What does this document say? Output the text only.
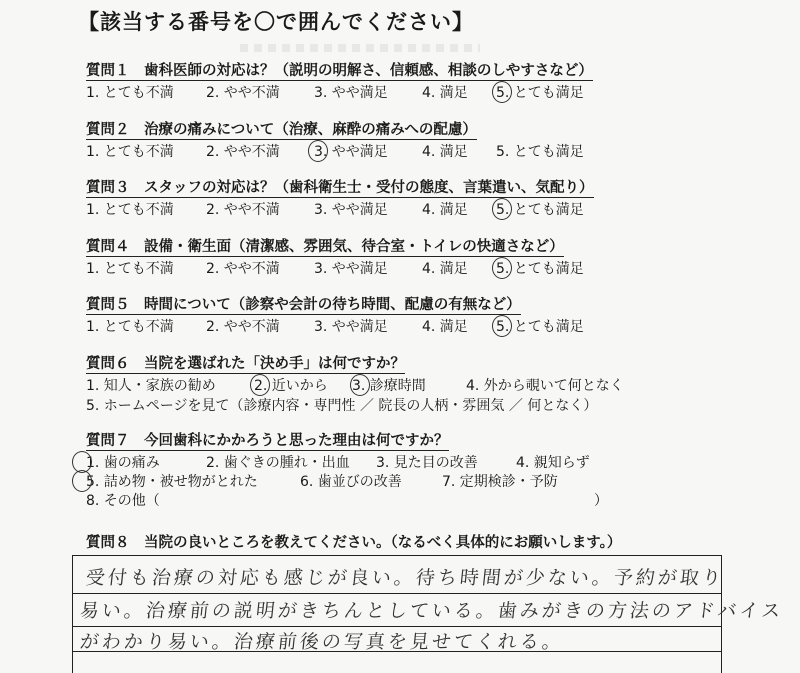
【該当する番号を〇で囲んでください】
質問１　歯科医師の対応は？（説明の明解さ、信頼感、相談のしやすさなど）
1. とても不満 2. やや不満 3. やや満足 4. 満足 5. とても満足
質問２　治療の痛みについて（治療、麻酔の痛みへの配慮）
1. とても不満 2. やや不満 3. やや満足 4. 満足 5. とても満足
質問３　スタッフの対応は？（歯科衛生士・受付の態度、言葉遣い、気配り）
1. とても不満 2. やや不満 3. やや満足 4. 満足 5. とても満足
質問４　設備・衛生面（清潔感、雰囲気、待合室・トイレの快適さなど）
1. とても不満 2. やや不満 3. やや満足 4. 満足 5. とても満足
質問５　時間について（診察や会計の待ち時間、配慮の有無など）
1. とても不満 2. やや不満 3. やや満足 4. 満足 5. とても満足
質問６　当院を選ばれた「決め手」は何ですか？
1. 知人・家族の勧め	2. 近いから 3. 診療時間	4. 外から覗いて何となく
5. ホームページを見て（診療内容・専門性 ／ 院長の人柄・雰囲気 ／ 何となく）
質問７　今回歯科にかかろうと思った理由は何ですか？
1. 歯の痛み	2. 歯ぐきの腫れ・出血 3. 見た目の改善	4. 親知らず
5. 詰め物・被せ物がとれた	6. 歯並びの改善	7. 定期検診・予防
8. その他（	）
質問８　当院の良いところを教えてください。（なるべく具体的にお願いします。）
受付も治療の対応も感じが良い。待ち時間が少ない。予約が取り
易い。治療前の説明がきちんとしている。歯みがきの方法のアドバイス
がわかり易い。治療前後の写真を見せてくれる。
